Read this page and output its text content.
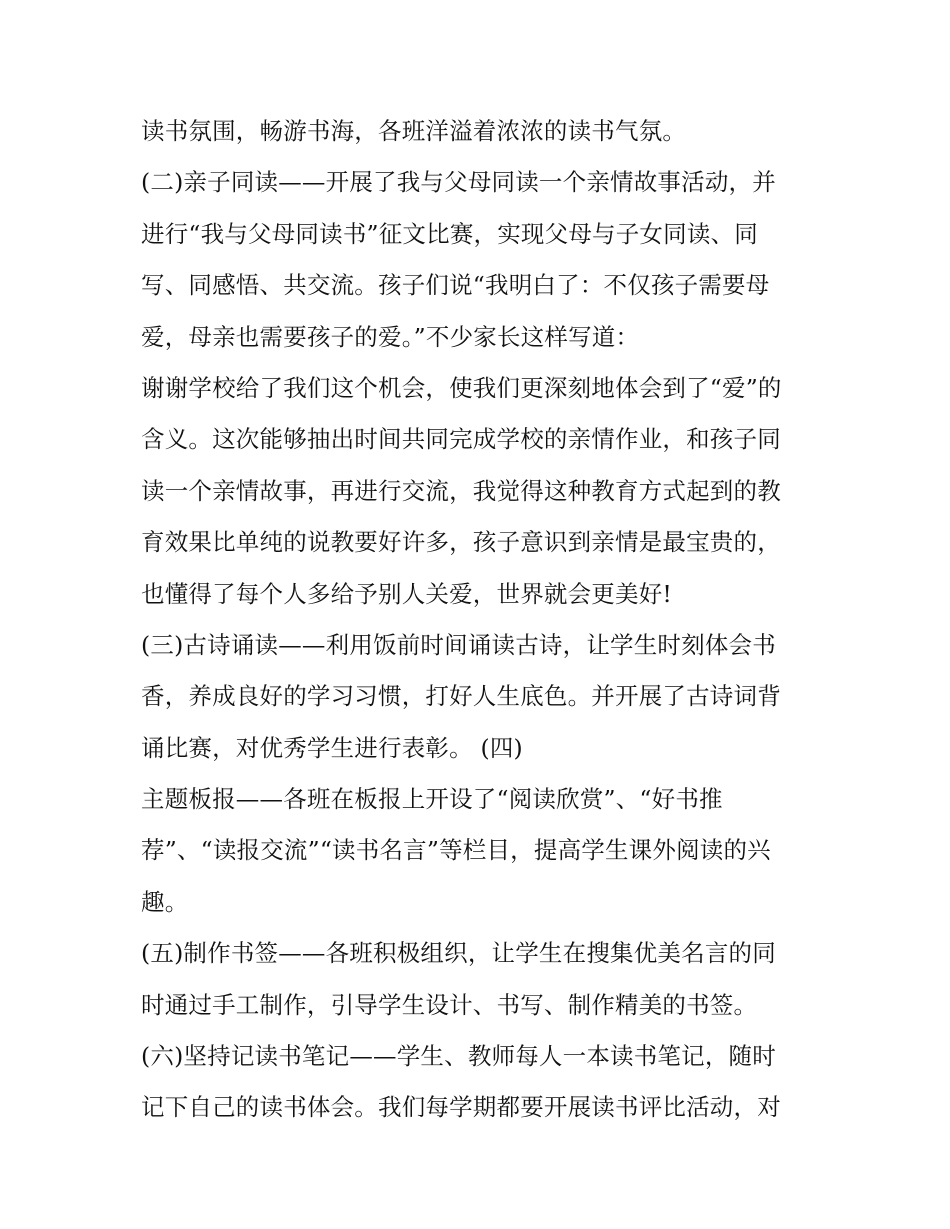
读书氛围，畅游书海，各班洋溢着浓浓的读书气氛。
(二)亲子同读——开展了我与父母同读一个亲情故事活动，并
进行“我与父母同读书”征文比赛，实现父母与子女同读、同
写、同感悟、共交流。孩子们说“我明白了：不仅孩子需要母
爱，母亲也需要孩子的爱。”不少家长这样写道：
谢谢学校给了我们这个机会，使我们更深刻地体会到了“爱”的
含义。这次能够抽出时间共同完成学校的亲情作业，和孩子同
读一个亲情故事，再进行交流，我觉得这种教育方式起到的教
育效果比单纯的说教要好许多，孩子意识到亲情是最宝贵的，
也懂得了每个人多给予别人关爱，世界就会更美好!
(三)古诗诵读——利用饭前时间诵读古诗，让学生时刻体会书
香，养成良好的学习习惯，打好人生底色。并开展了古诗词背
诵比赛，对优秀学生进行表彰。 (四)
主题板报——各班在板报上开设了“阅读欣赏”、“好书推
荐”、“读报交流”“读书名言”等栏目，提高学生课外阅读的兴
趣。
(五)制作书签——各班积极组织，让学生在搜集优美名言的同
时通过手工制作，引导学生设计、书写、制作精美的书签。
(六)坚持记读书笔记——学生、教师每人一本读书笔记，随时
记下自己的读书体会。我们每学期都要开展读书评比活动，对
